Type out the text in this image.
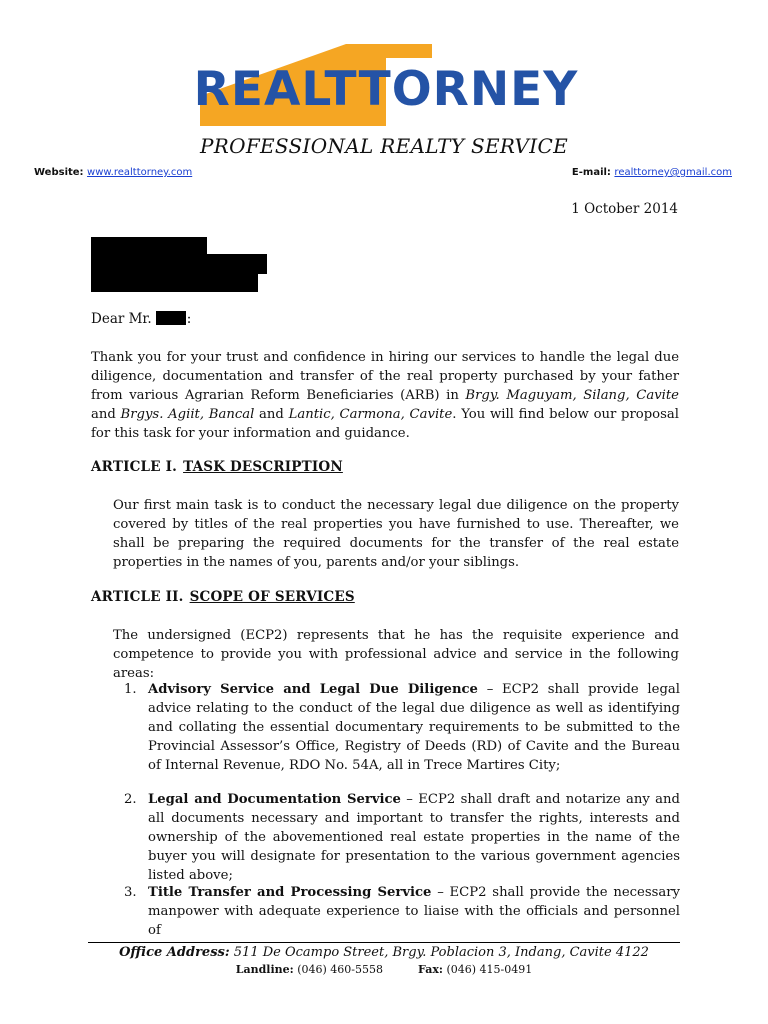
REALTTORNEY
PROFESSIONAL REALTY SERVICE
Website: www.realttorney.com	E-mail: realttorney@gmail.com
1 October 2014
Dear Mr.	:
Thank you for your trust and confidence in hiring our services to handle the legal due diligence, documentation and transfer of the real property purchased by your father from various Agrarian Reform Beneficiaries (ARB) in Brgy. Maguyam, Silang, Cavite and Brgys. Agiit, Bancal and Lantic, Carmona, Cavite. You will find below our proposal for this task for your information and guidance.
ARTICLE I. TASK DESCRIPTION
Our first main task is to conduct the necessary legal due diligence on the property covered by titles of the real properties you have furnished to use. Thereafter, we shall be preparing the required documents for the transfer of the real estate properties in the names of you, parents and/or your siblings.
ARTICLE II. SCOPE OF SERVICES
The undersigned (ECP2) represents that he has the requisite experience and competence to provide you with professional advice and service in the following areas:
1. Advisory Service and Legal Due Diligence – ECP2 shall provide legal advice relating to the conduct of the legal due diligence as well as identifying and collating the essential documentary requirements to be submitted to the Provincial Assessor’s Office, Registry of Deeds (RD) of Cavite and the Bureau of Internal Revenue, RDO No. 54A, all in Trece Martires City;
2. Legal and Documentation Service – ECP2 shall draft and notarize any and all documents necessary and important to transfer the rights, interests and ownership of the abovementioned real estate properties in the name of the buyer you will designate for presentation to the various government agencies listed above;
3. Title Transfer and Processing Service – ECP2 shall provide the necessary manpower with adequate experience to liaise with the officials and personnel of
Office Address: 511 De Ocampo Street, Brgy. Poblacion 3, Indang, Cavite 4122
Landline: (046) 460-5558	Fax: (046) 415-0491
